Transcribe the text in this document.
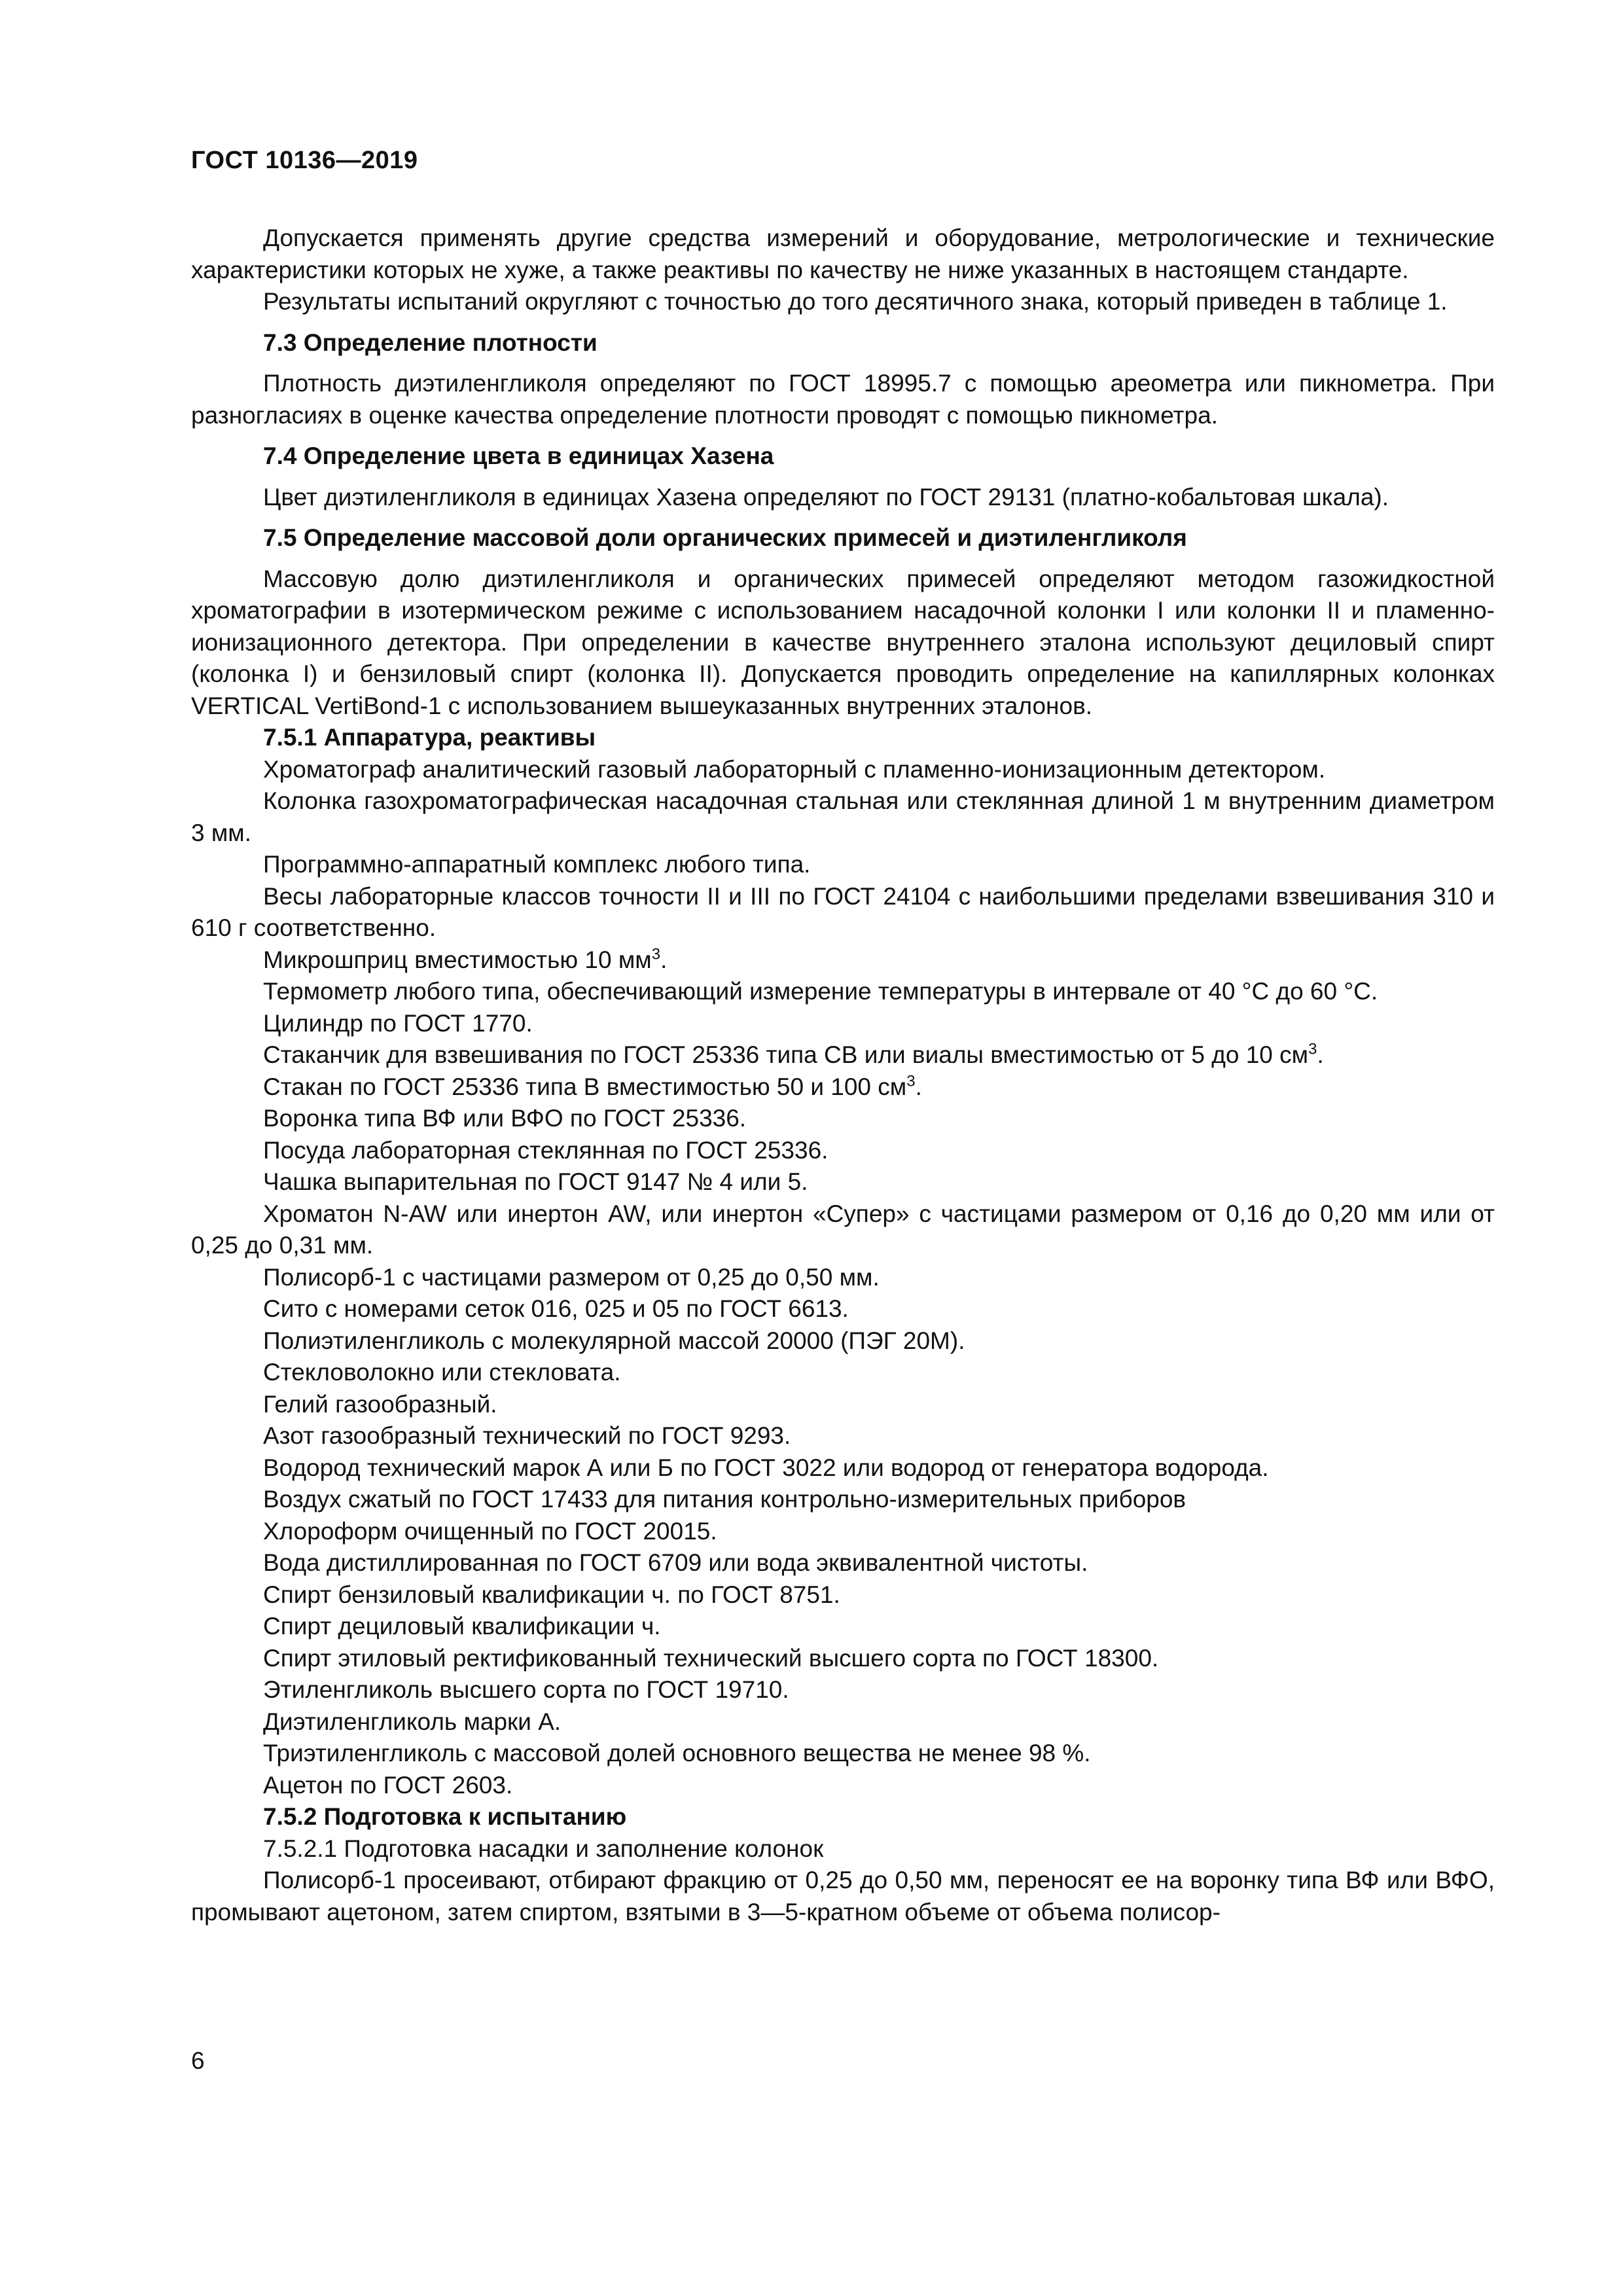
ГОСТ 10136—2019

Допускается применять другие средства измерений и оборудование, метрологические и технические характеристики которых не хуже, а также реактивы по качеству не ниже указанных в настоящем стандарте.

Результаты испытаний округляют с точностью до того десятичного знака, который приведен в таблице 1.

7.3 Определение плотности

Плотность диэтиленгликоля определяют по ГОСТ 18995.7 с помощью ареометра или пикнометра. При разногласиях в оценке качества определение плотности проводят с помощью пикнометра.

7.4 Определение цвета в единицах Хазена

Цвет диэтиленгликоля в единицах Хазена определяют по ГОСТ 29131 (платно-кобальтовая шкала).

7.5 Определение массовой доли органических примесей и диэтиленгликоля

Массовую долю диэтиленгликоля и органических примесей определяют методом газожидкостной хроматографии в изотермическом режиме с использованием насадочной колонки I или колонки II и пламенно-ионизационного детектора. При определении в качестве внутреннего эталона используют дециловый спирт (колонка I) и бензиловый спирт (колонка II). Допускается проводить определение на капиллярных колонках VERTICAL VertiBond-1 с использованием вышеуказанных внутренних эталонов.

7.5.1 Аппаратура, реактивы

Хроматограф аналитический газовый лабораторный с пламенно-ионизационным детектором.

Колонка газохроматографическая насадочная стальная или стеклянная длиной 1 м внутренним диаметром 3 мм.

Программно-аппаратный комплекс любого типа.

Весы лабораторные классов точности II и III по ГОСТ 24104 с наибольшими пределами взвешивания 310 и 610 г соответственно.

Микрошприц вместимостью 10 $мм^3$.

Термометр любого типа, обеспечивающий измерение температуры в интервале от 40 °С до 60 °С.

Цилиндр по ГОСТ 1770.

Стаканчик для взвешивания по ГОСТ 25336 типа СВ или виалы вместимостью от 5 до 10 $см^3$.

Стакан по ГОСТ 25336 типа В вместимостью 50 и 100 $см^3$.

Воронка типа ВФ или ВФО по ГОСТ 25336.

Посуда лабораторная стеклянная по ГОСТ 25336.

Чашка выпарительная по ГОСТ 9147 № 4 или 5.

Хроматон N-AW или инертон AW, или инертон «Супер» с частицами размером от 0,16 до 0,20 мм или от 0,25 до 0,31 мм.

Полисорб-1 с частицами размером от 0,25 до 0,50 мм.

Сито с номерами сеток 016, 025 и 05 по ГОСТ 6613.

Полиэтиленгликоль с молекулярной массой 20000 (ПЭГ 20М).

Стекловолокно или стекловата.

Гелий газообразный.

Азот газообразный технический по ГОСТ 9293.

Водород технический марок А или Б по ГОСТ 3022 или водород от генератора водорода.

Воздух сжатый по ГОСТ 17433 для питания контрольно-измерительных приборов

Хлороформ очищенный по ГОСТ 20015.

Вода дистиллированная по ГОСТ 6709 или вода эквивалентной чистоты.

Спирт бензиловый квалификации ч. по ГОСТ 8751.

Спирт дециловый квалификации ч.

Спирт этиловый ректификованный технический высшего сорта по ГОСТ 18300.

Этиленгликоль высшего сорта по ГОСТ 19710.

Диэтиленгликоль марки А.

Триэтиленгликоль с массовой долей основного вещества не менее 98 %.

Ацетон по ГОСТ 2603.

7.5.2 Подготовка к испытанию

7.5.2.1 Подготовка насадки и заполнение колонок

Полисорб-1 просеивают, отбирают фракцию от 0,25 до 0,50 мм, переносят ее на воронку типа ВФ или ВФО, промывают ацетоном, затем спиртом, взятыми в 3—5-кратном объеме от объема полисор-

6
